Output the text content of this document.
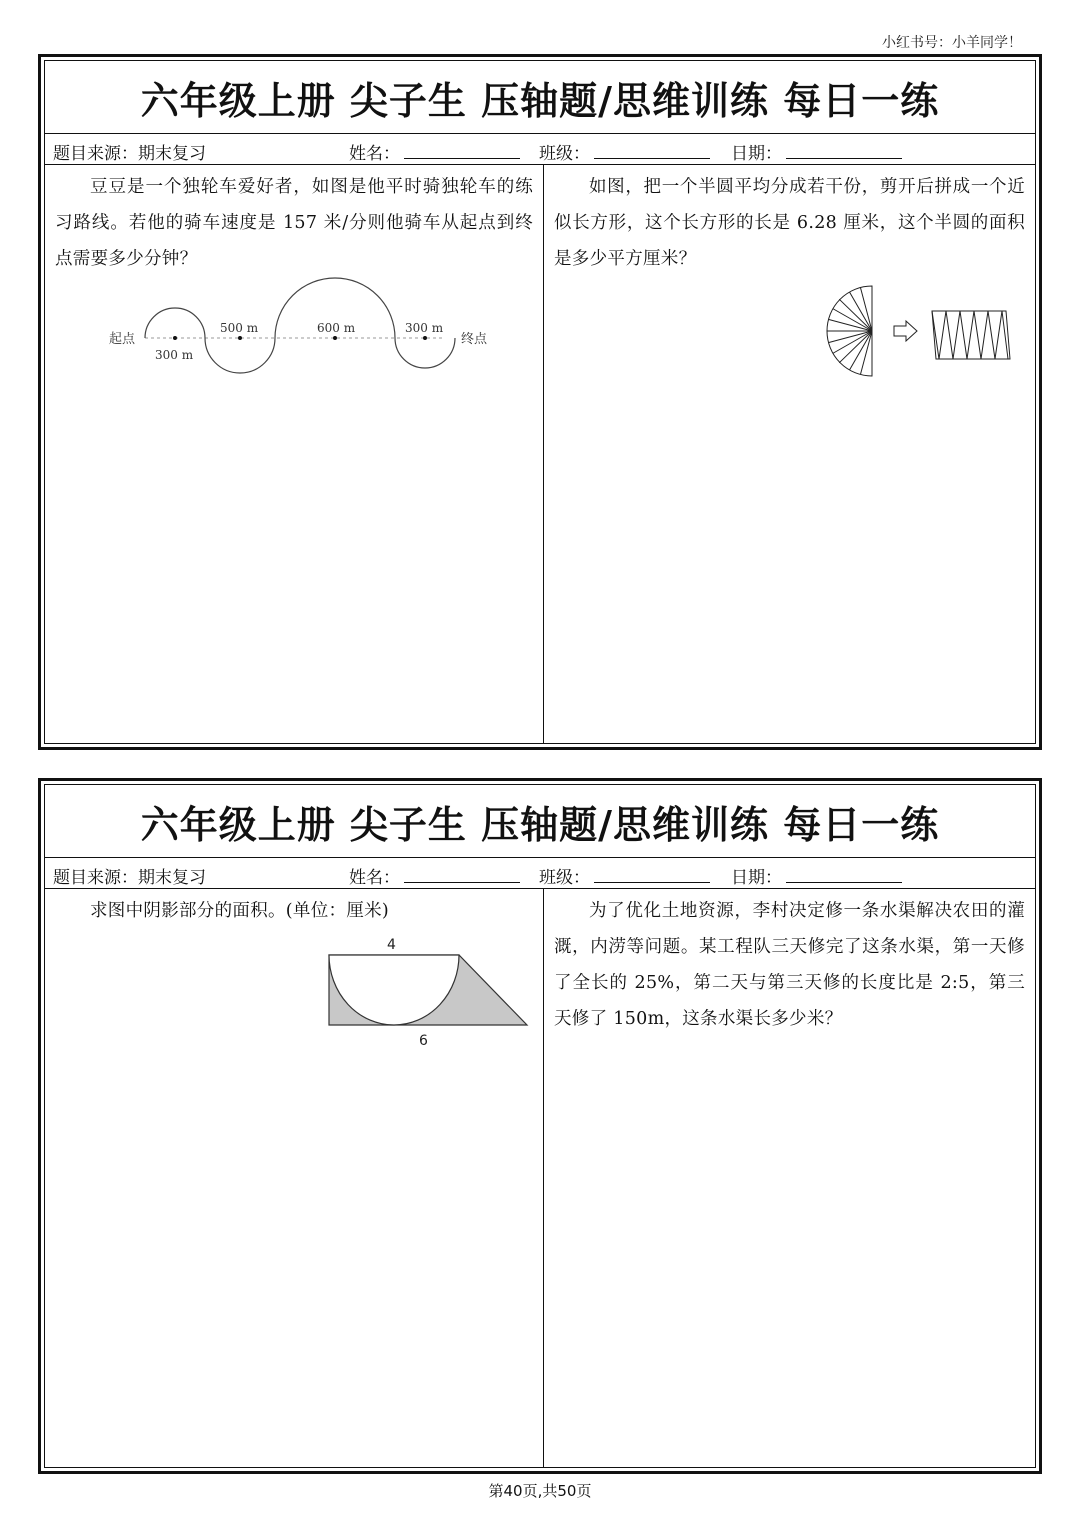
小红书号：小羊同学！
六年级上册 尖子生 压轴题/思维训练 每日一练
题目来源：期末复习	姓名：	班级：	日期：
豆豆是一个独轮车爱好者，如图是他平时骑独轮车的练习路线。若他的骑车速度是 157 米/分则他骑车从起点到终点需要多少分钟？
起点	终点
300 m
500 m	600 m	300 m
如图，把一个半圆平均分成若干份，剪开后拼成一个近似长方形，这个长方形的长是 6.28 厘米，这个半圆的面积是多少平方厘米？
六年级上册 尖子生 压轴题/思维训练 每日一练
题目来源：期末复习	姓名：	班级：	日期：
求图中阴影部分的面积。(单位：厘米)
4
6
为了优化土地资源，李村决定修一条水渠解决农田的灌溉，内涝等问题。某工程队三天修完了这条水渠，第一天修了全长的 25%，第二天与第三天修的长度比是 2:5，第三天修了 150m，这条水渠长多少米？
第40页,共50页
